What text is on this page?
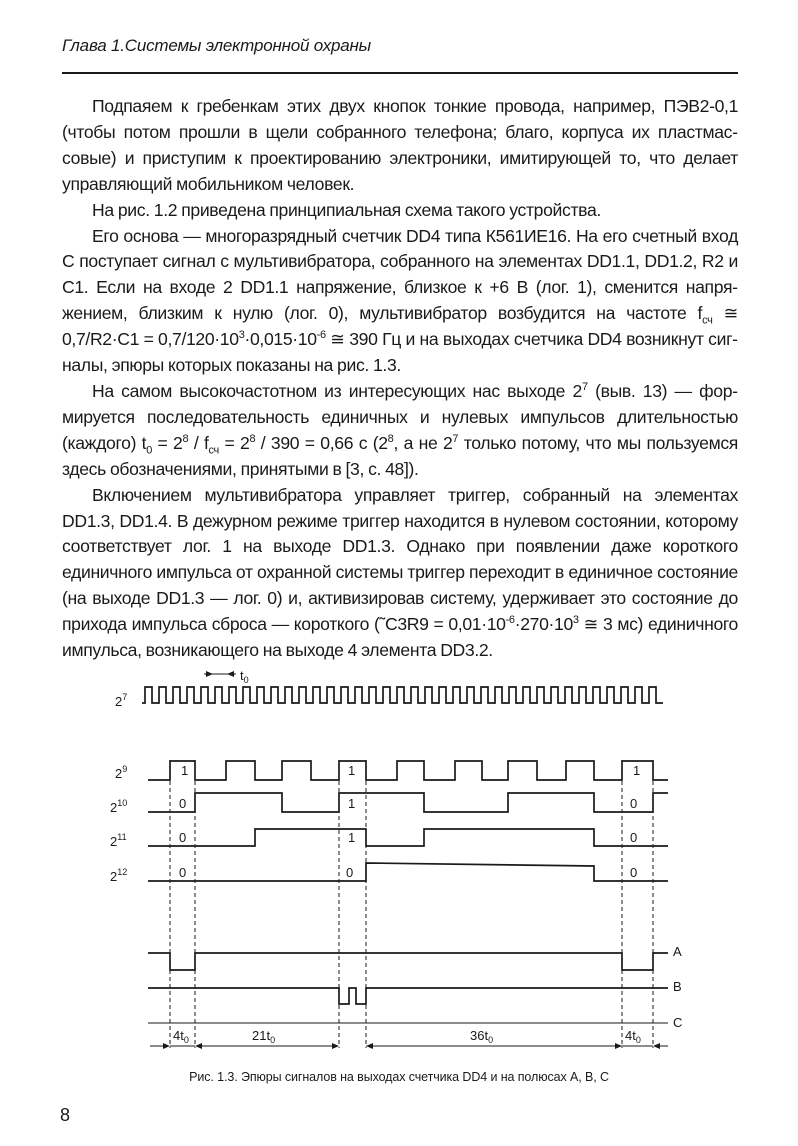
Глава 1.Системы электронной охраны

Подпаяем к гребенкам этих двух кнопок тонкие провода, например, ПЭВ2-0,1 (чтобы потом прошли в щели собранного телефона; благо, корпуса их пластмассовые) и приступим к проектированию электроники, имитирующей то, что делает управляющий мобильником человек.

На рис. 1.2 приведена принципиальная схема такого устройства.

Его основа — многоразрядный счетчик DD4 типа К561ИЕ16. На его счетный вход С поступает сигнал с мультивибратора, собранного на элементах DD1.1, DD1.2, R2 и C1. Если на входе 2 DD1.1 напряжение, близкое к +6 В (лог. 1), сменится напряжением, близким к нулю (лог. 0), мультивибратор возбудится на частоте $f_{сч}$ ≅ $0,7/R2\cdot C1 = 0,7/120\cdot 10^3\cdot 0,015\cdot 10^{-6}$ ≅ 390 Гц и на выходах счетчика DD4 возникнут сигналы, эпюры которых показаны на рис. 1.3.

На самом высокочастотном из интересующих нас выходе $2^7$ (выв. 13) — формируется последовательность единичных и нулевых импульсов длительностью (каждого) $t_0 = 2^8 / f_{сч} = 2^8 / 390 = 0,66$ с ($2^8$, а не $2^7$ только потому, что мы пользуемся здесь обозначениями, принятыми в [3, с. 48]).

Включением мультивибратора управляет триггер, собранный на элементах DD1.3, DD1.4. В дежурном режиме триггер находится в нулевом состоянии, которому соответствует лог. 1 на выходе DD1.3. Однако при появлении даже короткого единичного импульса от охранной системы триггер переходит в единичное состояние (на выходе DD1.3 — лог. 0) и, активизировав систему, удерживает это состояние до прихода импульса сброса — короткого (˜C3R9 = $0,01\cdot 10^{-6}\cdot 270\cdot 10^3$ ≅ 3 мс) единичного импульса, возникающего на выходе 4 элемента DD3.2.

$t_0$
$2^7$
$2^9$
$2^{10}$
$2^{11}$
$2^{12}$
1	1	1
0	1	0
0	1	0
0	0	0
A
B
C
$4t_0$	$21t_0$	$36t_0$	$4t_0$
Рис. 1.3. Эпюры сигналов на выходах счетчика DD4 и на полюсах A, B, C
8
